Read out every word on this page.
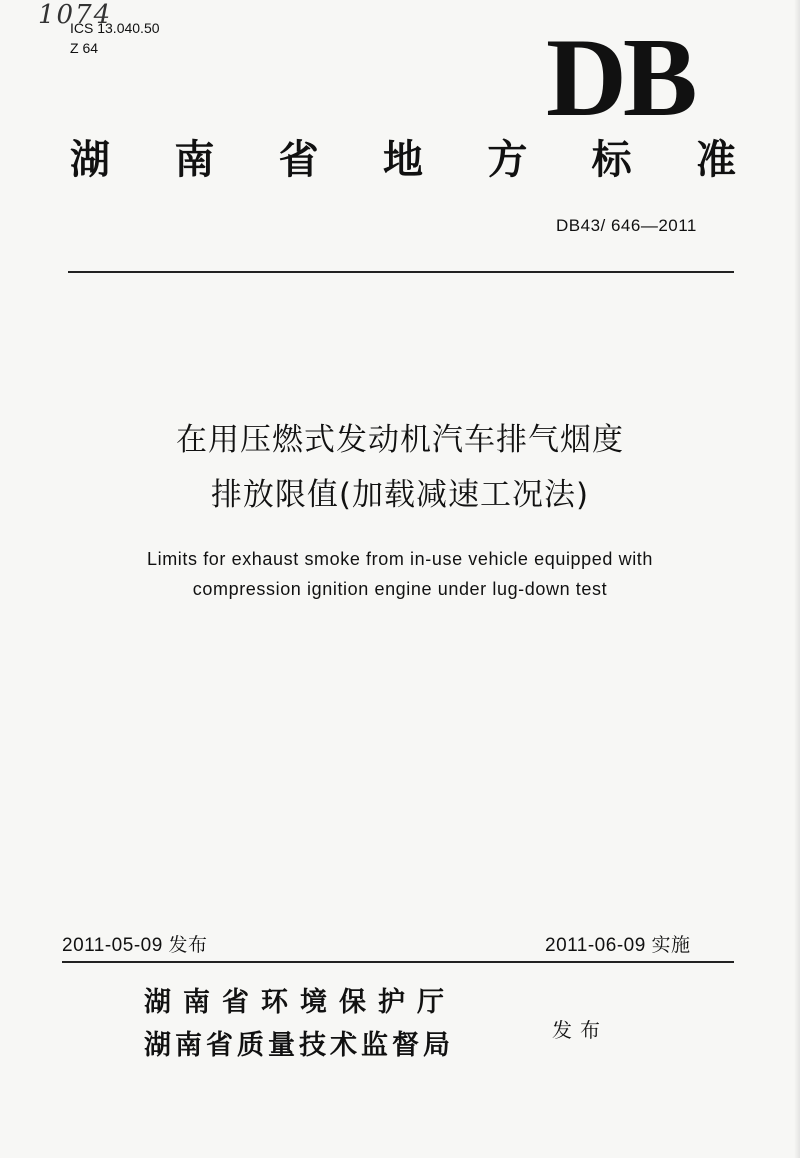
1074
ICS 13.040.50
Z 64	DB
湖 南 省 地 方 标 准
DB43/ 646—2011
在用压燃式发动机汽车排气烟度
排放限值(加载减速工况法)
Limits for exhaust smoke from in-use vehicle equipped with
compression ignition engine under lug-down test
2011-05-09 发布	2011-06-09 实施
湖南省环境保护厅
湖南省质量技术监督局	发布
